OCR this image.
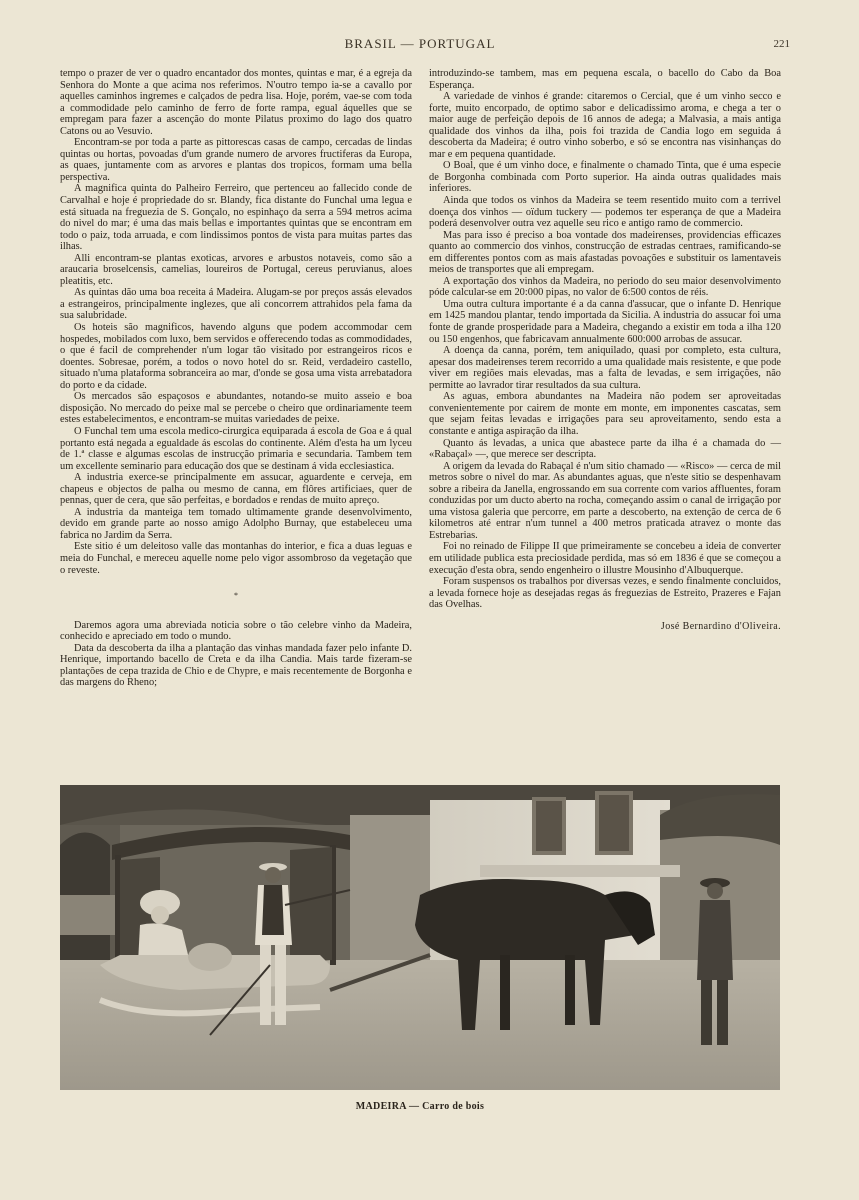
BRASIL — PORTUGAL	221

tempo o prazer de ver o quadro encantador dos montes, quintas e mar, é a egreja da Senhora do Monte a que acima nos referimos. N'outro tempo ia-se a cavallo por aquelles caminhos ingremes e calçados de pedra lisa. Hoje, porém, vae-se com toda a commodidade pelo caminho de ferro de forte rampa, egual áquelles que se empregam para fazer a ascenção do monte Pilatus proximo do lago dos quatro Catons ou ao Vesuvio.

Encontram-se por toda a parte as pittorescas casas de campo, cercadas de lindas quintas ou hortas, povoadas d'um grande numero de arvores fructiferas da Europa, as quaes, juntamente com as arvores e plantas dos tropicos, formam uma bella perspectiva.

A magnifica quinta do Palheiro Ferreiro, que pertenceu ao fallecido conde de Carvalhal e hoje é propriedade do sr. Blandy, fica distante do Funchal uma legua e está situada na freguezia de S. Gonçalo, no espinhaço da serra a 594 metros acima do nivel do mar; é uma das mais bellas e importantes quintas que se encontram em todo o paiz, toda arruada, e com lindissimos pontos de vista para muitas partes das ilhas.

Alli encontram-se plantas exoticas, arvores e arbustos notaveis, como são a araucaria broselcensis, camelias, loureiros de Portugal, cereus peruvianus, aloes pleatitis, etc.

As quintas dão uma boa receita á Madeira. Alugam-se por preços assás elevados a estrangeiros, principalmente inglezes, que ali concorrem attrahidos pela fama da sua salubridade.

Os hoteis são magnificos, havendo alguns que podem accommodar cem hospedes, mobilados com luxo, bem servidos e offerecendo todas as commodidades, o que é facil de comprehender n'um logar tão visitado por estrangeiros ricos e doentes. Sobresae, porém, a todos o novo hotel do sr. Reid, verdadeiro castello, situado n'uma plataforma sobranceira ao mar, d'onde se gosa uma vista arrebatadora do porto e da cidade.

Os mercados são espaçosos e abundantes, notando-se muito asseio e boa disposição. No mercado do peixe mal se percebe o cheiro que ordinariamente teem estes estabelecimentos, e encontram-se muitas variedades de peixe.

O Funchal tem uma escola medico-cirurgica equiparada á escola de Goa e á qual portanto está negada a egualdade ás escolas do continente. Além d'esta ha um lyceu de 1.ª classe e algumas escolas de instrucção primaria e secundaria. Tambem tem um excellente seminario para educação dos que se destinam á vida ecclesiastica.

A industria exerce-se principalmente em assucar, aguardente e cerveja, em chapeus e objectos de palha ou mesmo de canna, em flôres artificiaes, quer de pennas, quer de cera, que são perfeitas, e bordados e rendas de muito apreço.

A industria da manteiga tem tomado ultimamente grande desenvolvimento, devido em grande parte ao nosso amigo Adolpho Burnay, que estabeleceu uma fabrica no Jardim da Serra.

Este sitio é um deleitoso valle das montanhas do interior, e fica a duas leguas e meia do Funchal, e mereceu aquelle nome pelo vigor assombroso da vegetação que o reveste.

*

Daremos agora uma abreviada noticia sobre o tão celebre vinho da Madeira, conhecido e apreciado em todo o mundo.

Data da descoberta da ilha a plantação das vinhas mandada fazer pelo infante D. Henrique, importando bacello de Creta e da ilha Candia. Mais tarde fizeram-se plantações de cepa trazida de Chio e de Chypre, e mais recentemente de Borgonha e das margens do Rheno;

introduzindo-se tambem, mas em pequena escala, o bacello do Cabo da Boa Esperança.

A variedade de vinhos é grande: citaremos o Cercial, que é um vinho secco e forte, muito encorpado, de optimo sabor e delicadissimo aroma, e chega a ter o maior auge de perfeição depois de 16 annos de adega; a Malvasia, a mais antiga qualidade dos vinhos da ilha, pois foi trazida de Candia logo em seguida á descoberta da Madeira; é outro vinho soberbo, e só se encontra nas visinhanças do mar e em pequena quantidade.

O Boal, que é um vinho doce, e finalmente o chamado Tinta, que é uma especie de Borgonha combinada com Porto superior. Ha ainda outras qualidades mais inferiores.

Ainda que todos os vinhos da Madeira se teem resentido muito com a terrivel doença dos vinhos — oïdum tuckery — podemos ter esperança de que a Madeira poderá desenvolver outra vez aquelle seu rico e antigo ramo de commercio.

Mas para isso é preciso a boa vontade dos madeirenses, providencias efficazes quanto ao commercio dos vinhos, construcção de estradas centraes, ramificando-se em differentes pontos com as mais afastadas povoações e substituir os lamentaveis meios de transportes que ali empregam.

A exportação dos vinhos da Madeira, no periodo do seu maior desenvolvimento póde calcular-se em 20:000 pipas, no valor de 6:500 contos de réis.

Uma outra cultura importante é a da canna d'assucar, que o infante D. Henrique em 1425 mandou plantar, tendo importada da Sicilia. A industria do assucar foi uma fonte de grande prosperidade para a Madeira, chegando a existir em toda a ilha 120 ou 150 engenhos, que fabricavam annualmente 600:000 arrobas de assucar.

A doença da canna, porém, tem aniquilado, quasi por completo, esta cultura, apesar dos madeirenses terem recorrido a uma qualidade mais resistente, e que pode viver em regiões mais elevadas, mas a falta de levadas, e sem irrigações, não permitte ao lavrador tirar resultados da sua cultura.

As aguas, embora abundantes na Madeira não podem ser aproveitadas convenientemente por cairem de monte em monte, em imponentes cascatas, sem que sejam feitas levadas e irrigações para seu aproveitamento, sendo esta a constante e antiga aspiração da ilha.

Quanto ás levadas, a unica que abastece parte da ilha é a chamada do — «Rabaçal» —, que merece ser descripta.

A origem da levada do Rabaçal é n'um sitio chamado — «Risco» — cerca de mil metros sobre o nivel do mar. As abundantes aguas, que n'este sitio se despenhavam sobre a ribeira da Janella, engrossando em sua corrente com varios affluentes, foram conduzidas por um ducto aberto na rocha, começando assim o canal de irrigação por uma vistosa galeria que percorre, em parte a descoberto, na extenção de cerca de 6 kilometros até entrar n'um tunnel a 400 metros praticada atravez o monte das Estrebarias.

Foi no reinado de Filippe II que primeiramente se concebeu a ideia de converter em utilidade publica esta preciosidade perdida, mas só em 1836 é que se começou a execução d'esta obra, sendo engenheiro o illustre Mousinho d'Albuquerque.

Foram suspensos os trabalhos por diversas vezes, e sendo finalmente concluidos, a levada fornece hoje as desejadas regas ás freguezias de Estreito, Prazeres e Fajan das Ovelhas.

José Bernardino d'Oliveira.
MADEIRA — Carro de bois
